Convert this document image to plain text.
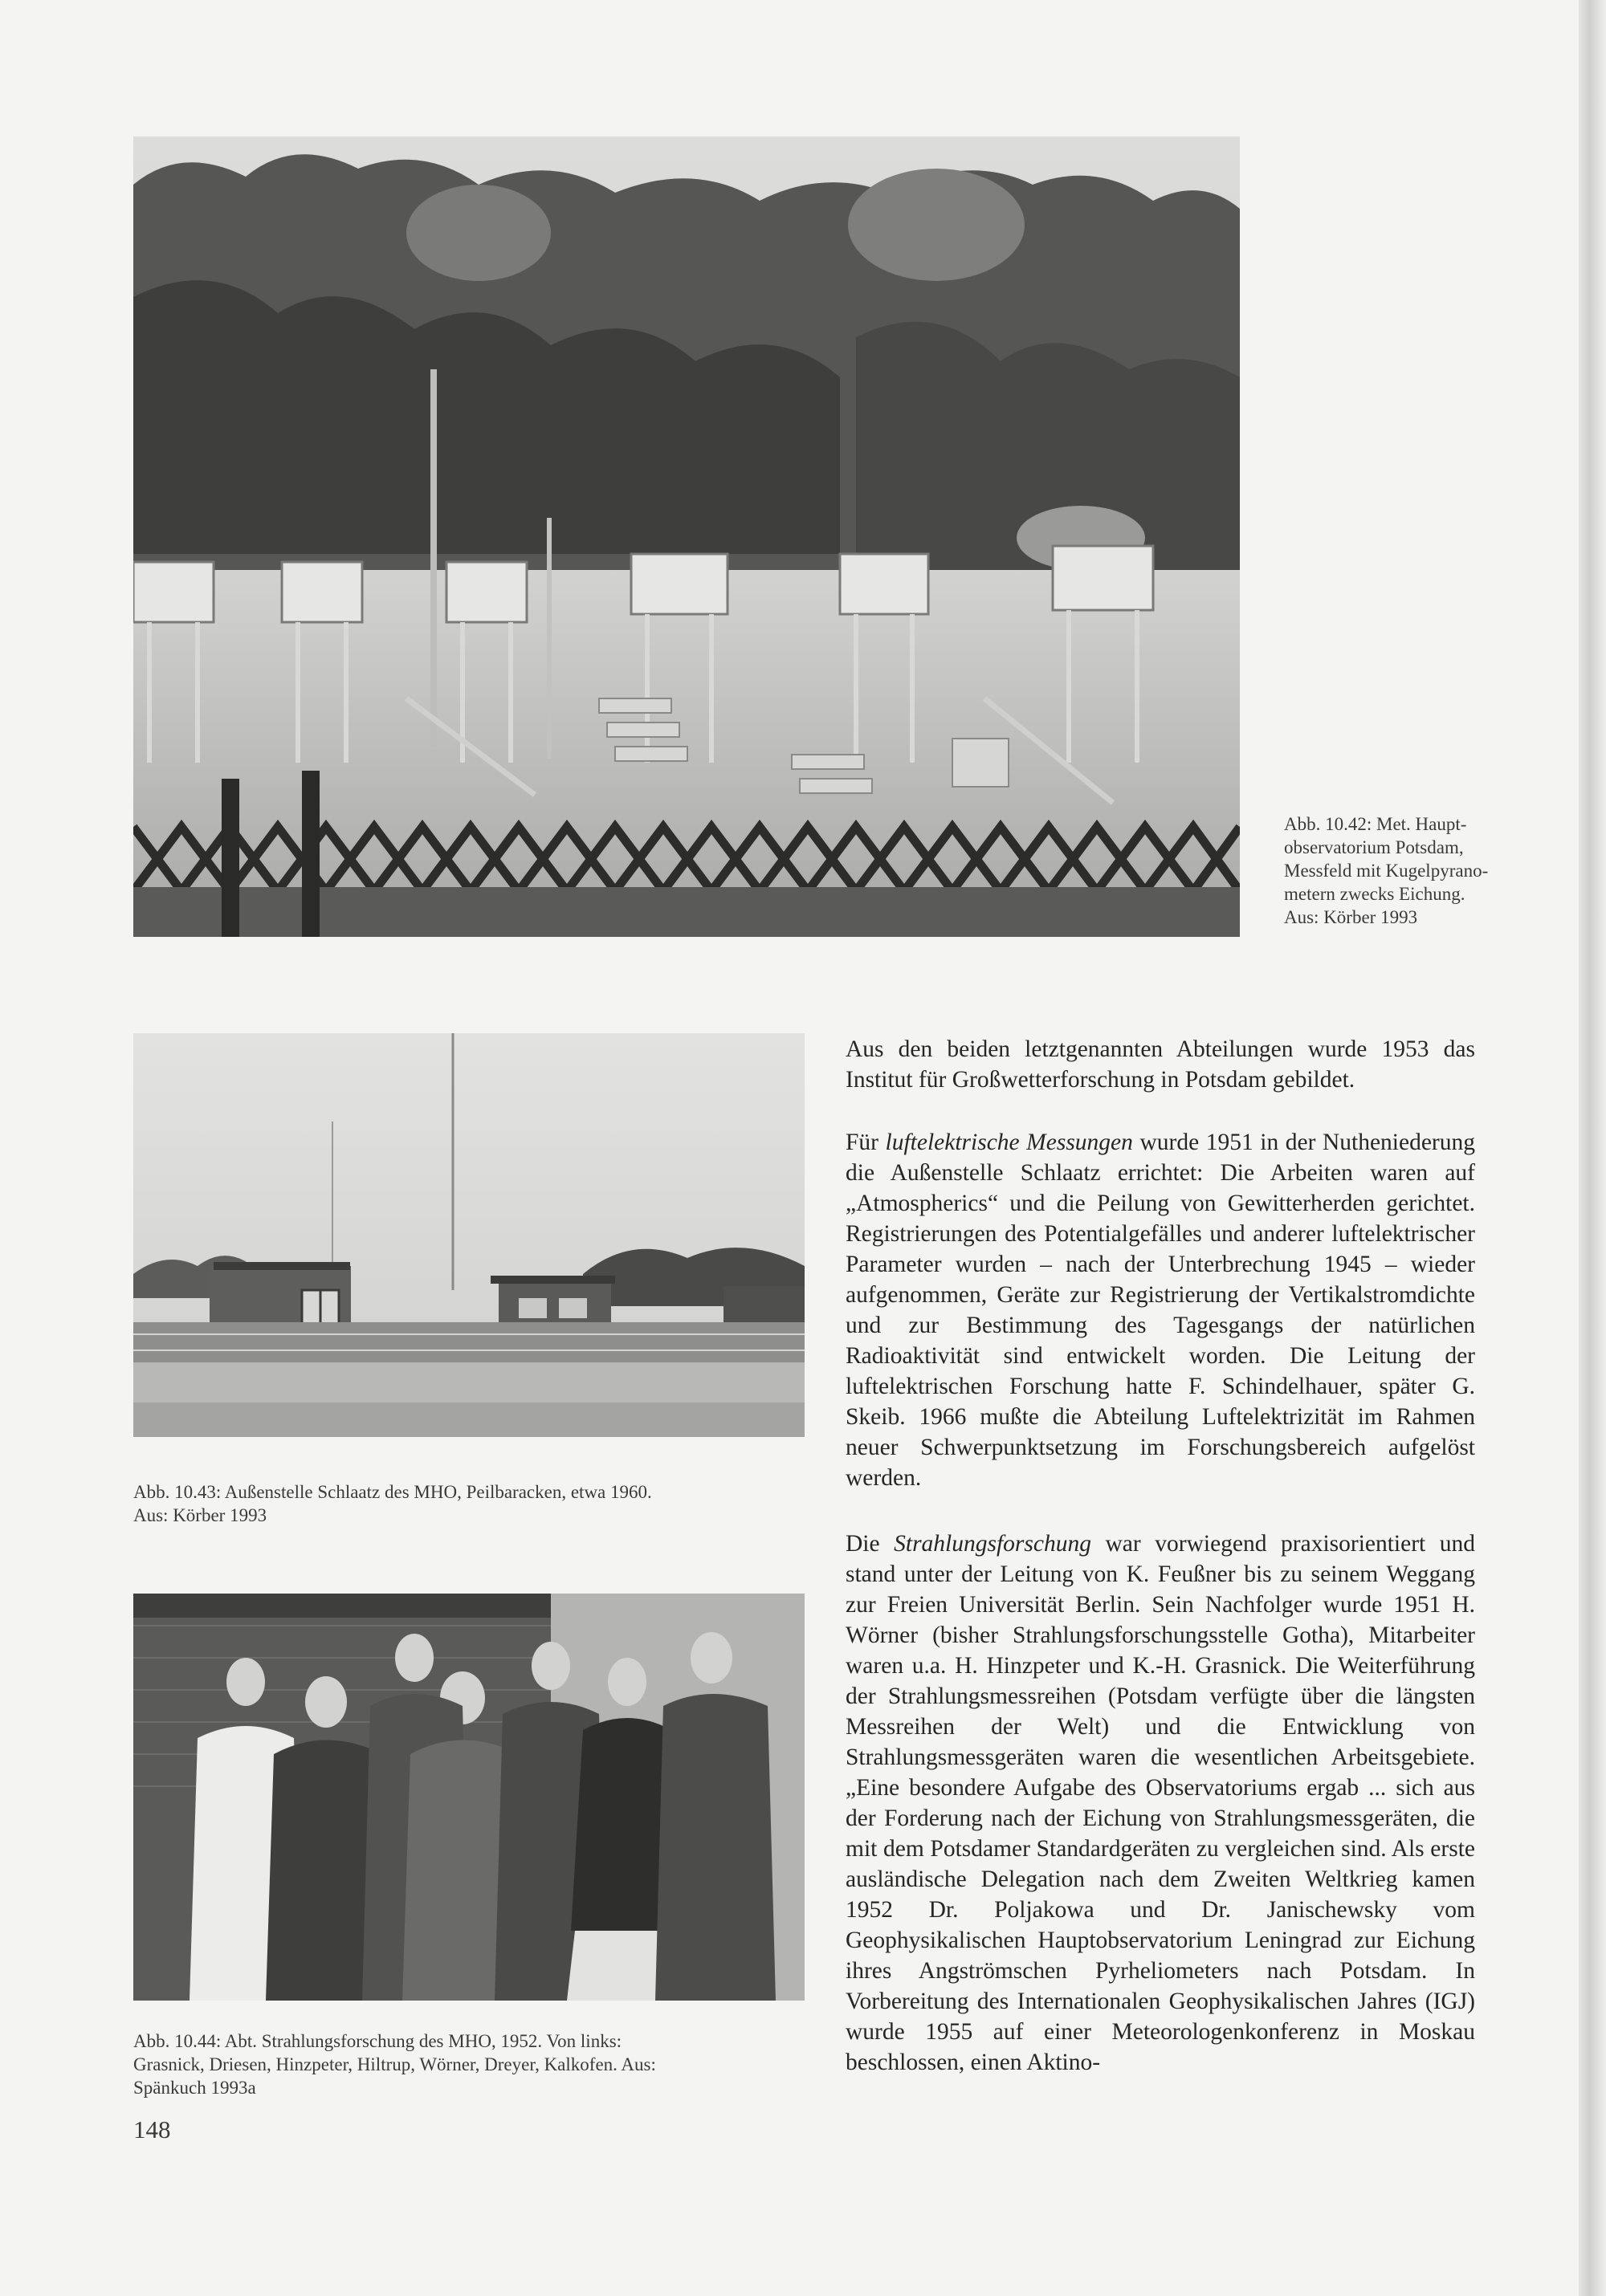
Abb. 10.42: Met. Haupt-

observatorium Potsdam,

Messfeld mit Kugelpyrano-

metern zwecks Eichung.

Aus: Körber 1993

Abb. 10.43: Außenstelle Schlaatz des MHO, Peilbaracken, etwa 1960.

Aus: Körber 1993

Abb. 10.44: Abt. Strahlungsforschung des MHO, 1952. Von links:

Grasnick, Driesen, Hinzpeter, Hiltrup, Wörner, Dreyer, Kalkofen. Aus:

Spänkuch 1993a

Aus den beiden letztgenannten Abteilungen wurde 1953 das Institut für Großwetterforschung in Potsdam gebildet.

Für luftelektrische Messungen wurde 1951 in der Nutheniederung die Außenstelle Schlaatz errichtet: Die Arbeiten waren auf „Atmospherics“ und die Peilung von Gewitterherden gerichtet. Registrierungen des Potentialgefälles und anderer luftelektrischer Parameter wurden – nach der Unterbrechung 1945 – wieder aufgenommen, Geräte zur Registrierung der Vertikalstromdichte und zur Bestimmung des Tagesgangs der natürlichen Radioaktivität sind entwickelt worden. Die Leitung der luftelektrischen Forschung hatte F. Schindelhauer, später G. Skeib. 1966 mußte die Abteilung Luftelektrizität im Rahmen neuer Schwerpunktsetzung im Forschungsbereich aufgelöst werden.

Die Strahlungsforschung war vorwiegend praxisorientiert und stand unter der Leitung von K. Feußner bis zu seinem Weggang zur Freien Universität Berlin. Sein Nachfolger wurde 1951 H. Wörner (bisher Strahlungsforschungsstelle Gotha), Mitarbeiter waren u.a. H. Hinzpeter und K.-H. Grasnick. Die Weiterführung der Strahlungsmessreihen (Potsdam verfügte über die längsten Messreihen der Welt) und die Entwicklung von Strahlungsmessgeräten waren die wesentlichen Arbeitsgebiete. „Eine besondere Aufgabe des Observatoriums ergab ... sich aus der Forderung nach der Eichung von Strahlungsmessgeräten, die mit dem Potsdamer Standardgeräten zu vergleichen sind. Als erste ausländische Delegation nach dem Zweiten Weltkrieg kamen 1952 Dr. Poljakowa und Dr. Janischewsky vom Geophysikalischen Hauptobservatorium Leningrad zur Eichung ihres Angströmschen Pyrheliometers nach Potsdam. In Vorbereitung des Internationalen Geophysikalischen Jahres (IGJ) wurde 1955 auf einer Meteorologenkonferenz in Moskau beschlossen, einen Aktino-

148
